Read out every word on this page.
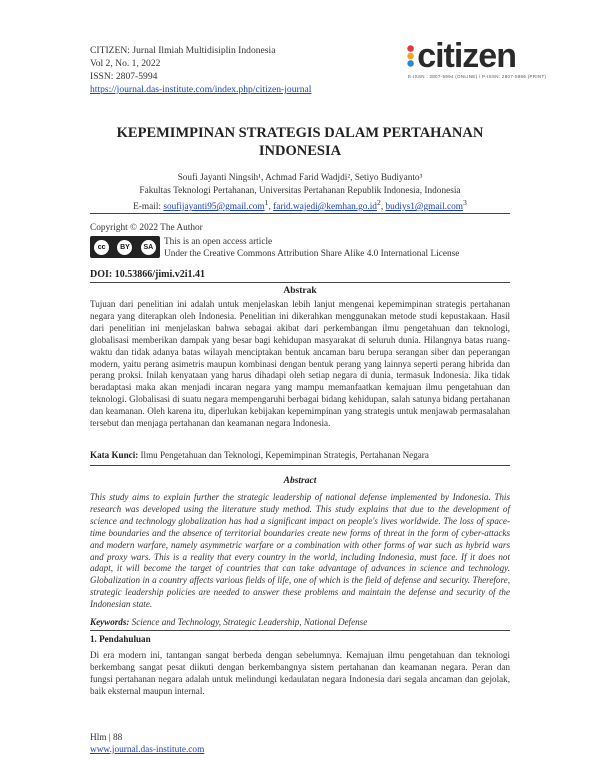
CITIZEN: Jurnal Ilmiah Multidisiplin Indonesia
Vol 2, No. 1, 2022
ISSN: 2807-5994
https://journal.das-institute.com/index.php/citizen-journal
citizen
E-ISSN : 2807-5994 (ONLINE) / P-ISSN: 2807-5986 (PRINT)
KEPEMIMPINAN STRATEGIS DALAM PERTAHANAN
INDONESIA
Soufi Jayanti Ningsih¹, Achmad Farid Wadjdi², Setiyo Budiyanto³
Fakultas Teknologi Pertahanan, Universitas Pertahanan Republik Indonesia, Indonesia
E-mail: soufijayanti95@gmail.com$^1$, $farid.wajedi@kemhan.go.id^2$, budiys1@gmail.com$^3$
Copyright © 2022 The Author
cc	BY	SA This is an open access article
Under the Creative Commons Attribution Share Alike 4.0 International License
DOI: 10.53866/jimi.v2i1.41
Abstrak

Tujuan dari penelitian ini adalah untuk menjelaskan lebih lanjut mengenai kepemimpinan strategis pertahanan negara yang diterapkan oleh Indonesia. Penelitian ini dikerahkan menggunakan metode studi kepustakaan. Hasil dari penelitian ini menjelaskan bahwa sebagai akibat dari perkembangan ilmu pengetahuan dan teknologi, globalisasi memberikan dampak yang besar bagi kehidupan masyarakat di seluruh dunia. Hilangnya batas ruang-waktu dan tidak adanya batas wilayah menciptakan bentuk ancaman baru berupa serangan siber dan peperangan modern, yaitu perang asimetris maupun kombinasi dengan bentuk perang yang lainnya seperti perang hibrida dan perang proksi. Inilah kenyataan yang harus dihadapi oleh setiap negara di dunia, termasuk Indonesia. Jika tidak beradaptasi maka akan menjadi incaran negara yang mampu memanfaatkan kemajuan ilmu pengetahuan dan teknologi. Globalisasi di suatu negara mempengaruhi berbagai bidang kehidupan, salah satunya bidang pertahanan dan keamanan. Oleh karena itu, diperlukan kebijakan kepemimpinan yang strategis untuk menjawab permasalahan tersebut dan menjaga pertahanan dan keamanan negara Indonesia.

Kata Kunci: Ilmu Pengetahuan dan Teknologi, Kepemimpinan Strategis, Pertahanan Negara
Abstract

This study aims to explain further the strategic leadership of national defense implemented by Indonesia. This research was developed using the literature study method. This study explains that due to the development of science and technology globalization has had a significant impact on people's lives worldwide. The loss of space-time boundaries and the absence of territorial boundaries create new forms of threat in the form of cyber-attacks and modern warfare, namely asymmetric warfare or a combination with other forms of war such as hybrid wars and proxy wars. This is a reality that every country in the world, including Indonesia, must face. If it does not adapt, it will become the target of countries that can take advantage of advances in science and technology. Globalization in a country affects various fields of life, one of which is the field of defense and security. Therefore, strategic leadership policies are needed to answer these problems and maintain the defense and security of the Indonesian state.

Keywords: Science and Technology, Strategic Leadership, National Defense
1. Pendahuluan

Di era modern ini, tantangan sangat berbeda dengan sebelumnya. Kemajuan ilmu pengetahuan dan teknologi berkembang sangat pesat diikuti dengan berkembangnya sistem pertahanan dan keamanan negara. Peran dan fungsi pertahanan negara adalah untuk melindungi kedaulatan negara Indonesia dari segala ancaman dan gejolak, baik eksternal maupun internal.

Hlm | 88
www.journal.das-institute.com
